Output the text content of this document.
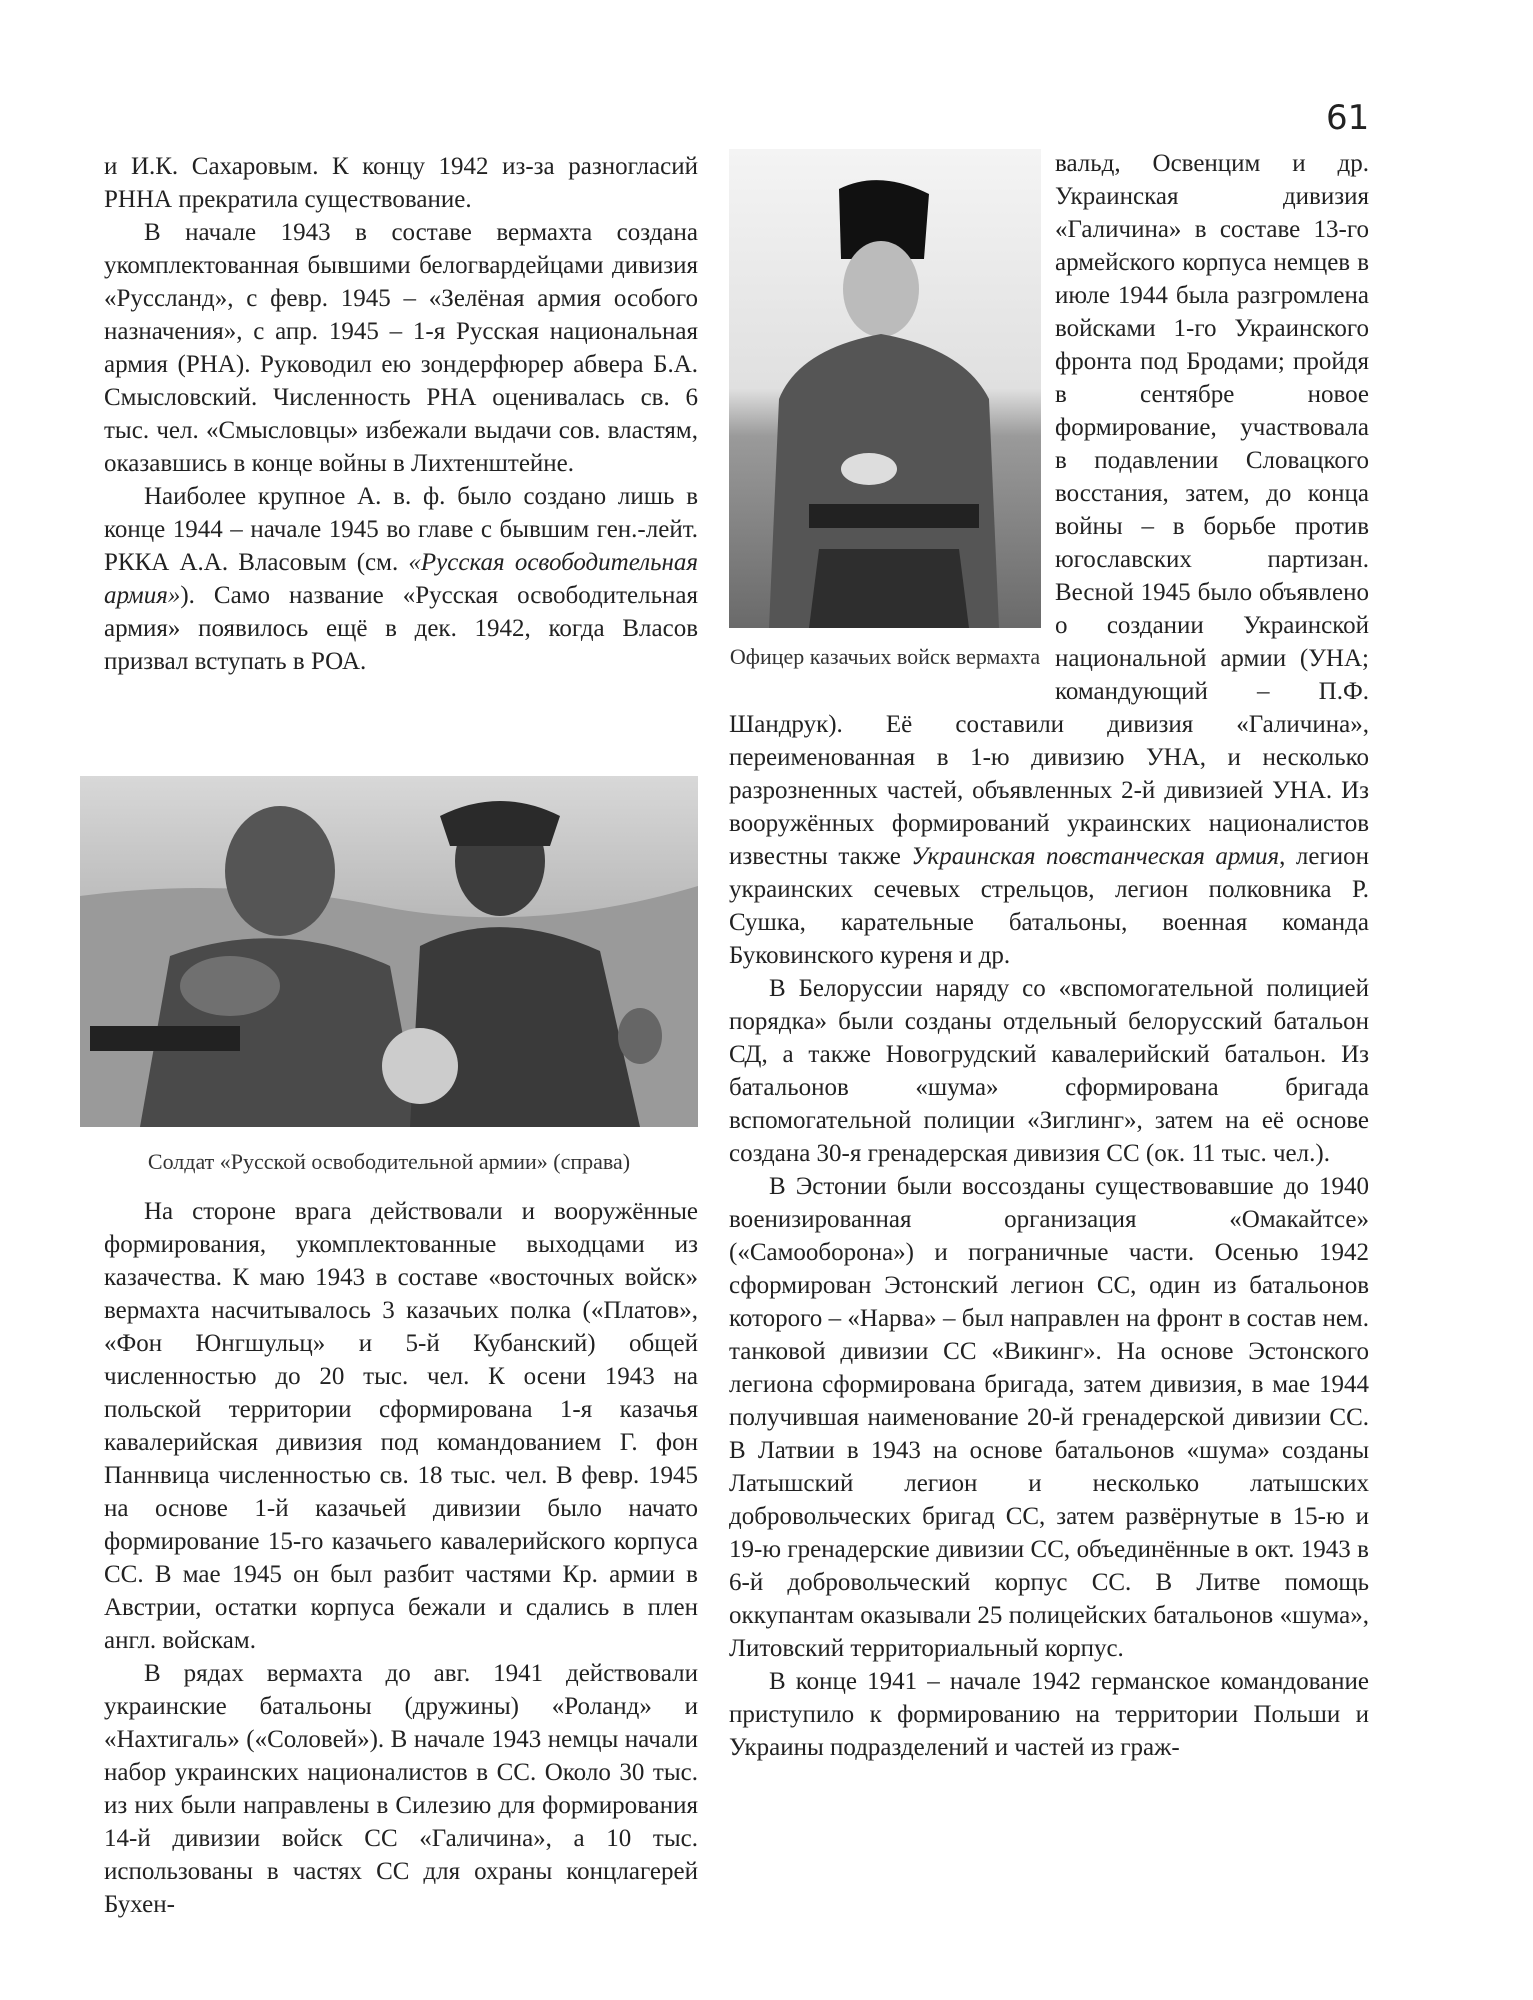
61

и И.К. Сахаровым. К концу 1942 из-за разногласий РННА прекратила существование.

В начале 1943 в составе вермахта создана укомплектованная бывшими белогвардейцами дивизия «Руссланд», с февр. 1945 – «Зелёная армия особого назначения», с апр. 1945 – 1-я Русская национальная армия (РНА). Руководил ею зондерфюрер абвера Б.А. Смысловский. Численность РНА оценивалась св. 6 тыс. чел. «Смысловцы» избежали выдачи сов. властям, оказавшись в конце войны в Лихтенштейне.

Наиболее крупное А. в. ф. было создано лишь в конце 1944 – начале 1945 во главе с бывшим ген.-лейт. РККА А.А. Власовым (см. «Русская освободительная армия»). Само название «Русская освободительная армия» появилось ещё в дек. 1942, когда Власов призвал вступать в РОА.

Солдат «Русской освободительной армии» (справа)

На стороне врага действовали и вооружённые формирования, укомплектованные выходцами из казачества. К маю 1943 в составе «восточных войск» вермахта насчитывалось 3 казачьих полка («Платов», «Фон Юнгшульц» и 5-й Кубанский) общей численностью до 20 тыс. чел. К осени 1943 на польской территории сформирована 1-я казачья кавалерийская дивизия под командованием Г. фон Паннвица численностью св. 18 тыс. чел. В февр. 1945 на основе 1-й казачьей дивизии было начато формирование 15-го казачьего кавалерийского корпуса СС. В мае 1945 он был разбит частями Кр. армии в Австрии, остатки корпуса бежали и сдались в плен англ. войскам.

В рядах вермахта до авг. 1941 действовали украинские батальоны (дружины) «Роланд» и «Нахтигаль» («Соловей»). В начале 1943 немцы начали набор украинских националистов в СС. Около 30 тыс. из них были направлены в Силезию для формирования 14-й дивизии войск СС «Галичина», а 10 тыс. использованы в частях СС для охраны концлагерей Бухен-

Офицер казачьих войск вермахта

вальд, Освенцим и др. Украинская дивизия «Галичина» в составе 13-го армейского корпуса немцев в июле 1944 была разгромлена войсками 1-го Украинского фронта под Бродами; пройдя в сентябре новое формирование, участвовала в подавлении Словацкого восстания, затем, до конца войны – в борьбе против югославских партизан. Весной 1945 было объявлено о создании Украинской национальной армии (УНА; командующий – П.Ф. Шандрук). Её составили дивизия «Галичина», переименованная в 1-ю дивизию УНА, и несколько разрозненных частей, объявленных 2-й дивизией УНА. Из вооружённых формирований украинских националистов известны также Украинская повстанческая армия, легион украинских сечевых стрельцов, легион полковника Р. Сушка, карательные батальоны, военная команда Буковинского куреня и др.

В Белоруссии наряду со «вспомогательной полицией порядка» были созданы отдельный белорусский батальон СД, а также Новогрудский кавалерийский батальон. Из батальонов «шума» сформирована бригада вспомогательной полиции «Зиглинг», затем на её основе создана 30-я гренадерская дивизия СС (ок. 11 тыс. чел.).

В Эстонии были воссозданы существовавшие до 1940 военизированная организация «Омакайтсе» («Самооборона») и пограничные части. Осенью 1942 сформирован Эстонский легион СС, один из батальонов которого – «Нарва» – был направлен на фронт в состав нем. танковой дивизии СС «Викинг». На основе Эстонского легиона сформирована бригада, затем дивизия, в мае 1944 получившая наименование 20-й гренадерской дивизии СС. В Латвии в 1943 на основе батальонов «шума» созданы Латышский легион и несколько латышских добровольческих бригад СС, затем развёрнутые в 15-ю и 19-ю гренадерские дивизии СС, объединённые в окт. 1943 в 6-й добровольческий корпус СС. В Литве помощь оккупантам оказывали 25 полицейских батальонов «шума», Литовский территориальный корпус.

В конце 1941 – начале 1942 германское командование приступило к формированию на территории Польши и Украины подразделений и частей из граж-
